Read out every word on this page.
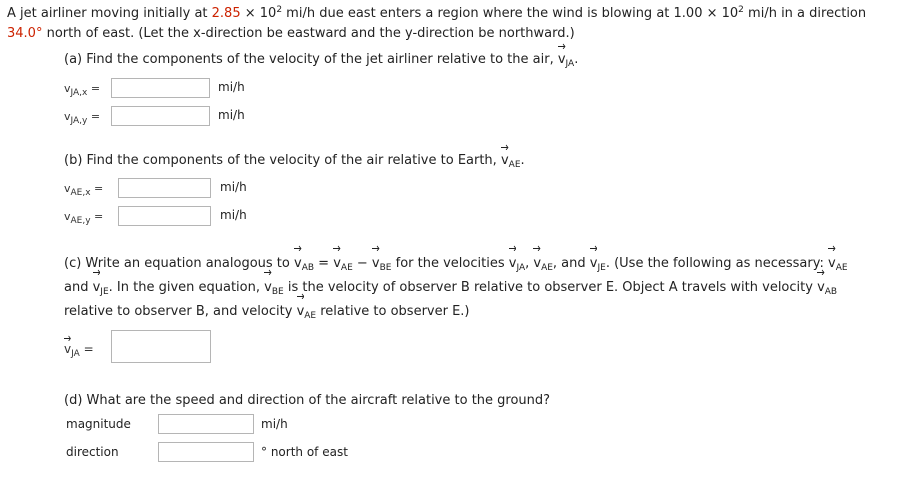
A jet airliner moving initially at $2.85 \times 10^2$ mi/h due east enters a region where the wind is blowing at $1.00 \times 10^2$ mi/h in a direction
34.0° north of east. (Let the x-direction be eastward and the y-direction be northward.)
(a) Find the components of the velocity of the jet airliner relative to the air,
$v_{JA}$.
$v_{JA,x}$ =	mi/h
$v_{JA,y}$ =	mi/h
(b) Find the components of the velocity of the air relative to Earth,
$v_{AE}$.
$v_{AE,x}$ =	mi/h
$v_{AE,y}$ =	mi/h
(c) Write an equation analogous to
$v_{AB}$ =
$v_{AE}$ −
$v_{BE}$ for the velocities
$v_{JA}$,
$v_{AE}$, and
$v_{JE}$. (Use the following as necessary:
$v_{AE}$
and
$v_{JE}$. In the given equation,
$v_{BE}$ is the velocity of observer B relative to observer E. Object A travels with velocity
$v_{AB}$
relative to observer B, and velocity
$v_{AE}$ relative to observer E.)
$v_{JA}$ =
(d) What are the speed and direction of the aircraft relative to the ground?
magnitude	mi/h
direction	° north of east
